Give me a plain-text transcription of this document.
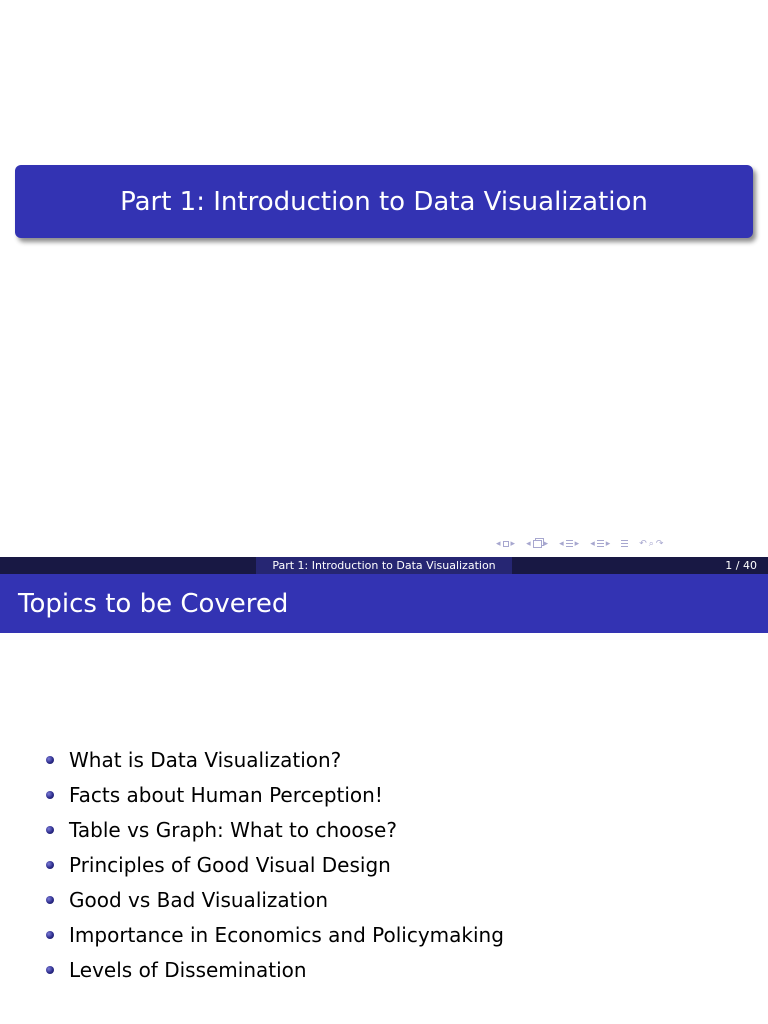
Part 1: Introduction to Data Visualization
◂ ▸ ◂ ▸ ◂ ▸ ◂ ▸	↶ ⌕ ↷
Part 1: Introduction to Data Visualization	1 / 40
Topics to be Covered
What is Data Visualization?
Facts about Human Perception!
Table vs Graph: What to choose?
Principles of Good Visual Design
Good vs Bad Visualization
Importance in Economics and Policymaking
Levels of Dissemination
